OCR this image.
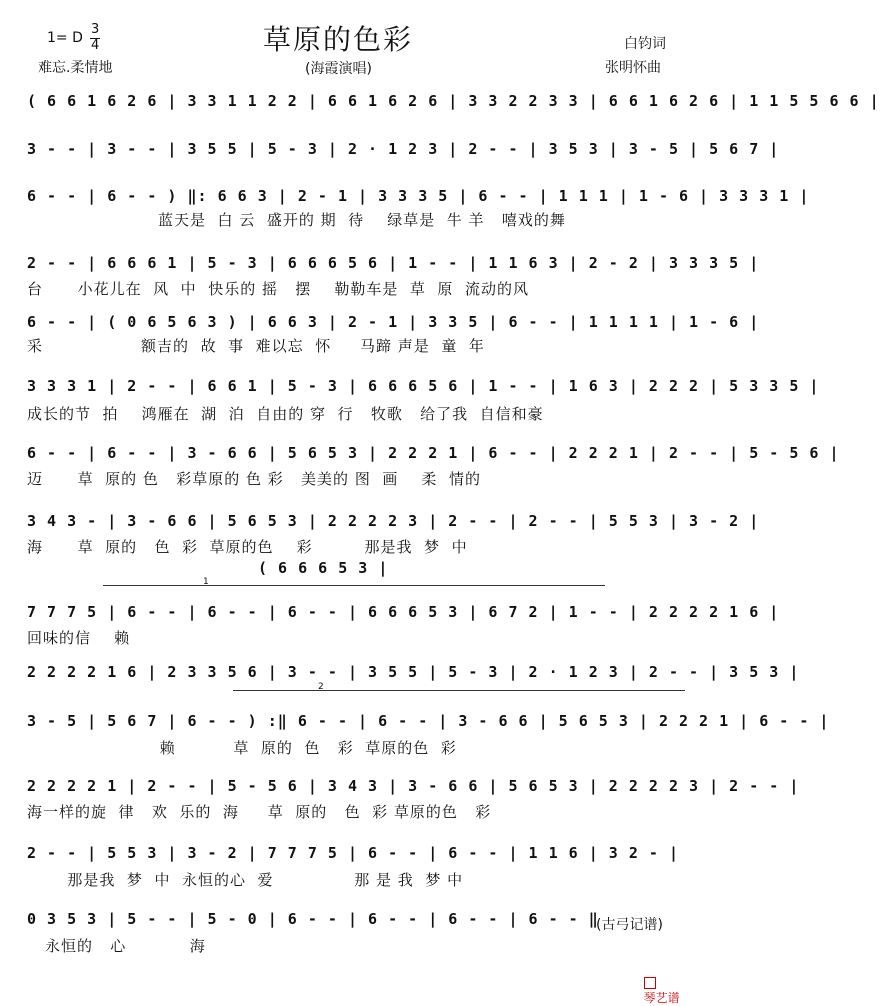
1= D
3
4	草原的色彩	白钧词
难忘.柔情地	(海霞演唱)	张明怀曲
( 6 6 1 6 2 6 | 3 3 1 1 2 2 | 6 6 1 6 2 6 | 3 3 2 2 3 3 | 6 6 1 6 2 6 | 1 1 5 5 6 6 |
3 - - | 3 - - | 3 5 5 | 5 - 3 | 2 · 1 2 3 | 2 - - | 3 5 3 | 3 - 5 | 5 6 7 |
6 - - | 6 - - ) ‖: 6 6 3 | 2 - 1 | 3 3 3 5 | 6 - - | 1 1 1 | 1 - 6 | 3 3 3 1 |
蓝天是  白 云  盛开的 期  待    绿草是  牛 羊   嘻戏的舞
2 - - | 6 6 6 1 | 5 - 3 | 6 6 6 5 6 | 1 - - | 1 1 6 3 | 2 - 2 | 3 3 3 5 |
台      小花儿在  风  中  快乐的 摇   摆    勒勒车是  草  原  流动的风
6 - - | ( 0 6 5 6 3 ) | 6 6 3 | 2 - 1 | 3 3 5 | 6 - - | 1 1 1 1 | 1 - 6 |
采                 额吉的  故  事  难以忘  怀     马蹄 声是  童  年
3 3 3 1 | 2 - - | 6 6 1 | 5 - 3 | 6 6 6 5 6 | 1 - - | 1 6 3 | 2 2 2 | 5 3 3 5 |
成长的节  拍    鸿雁在  湖  泊  自由的 穿  行   牧歌   给了我  自信和豪
6 - - | 6 - - | 3 - 6 6 | 5 6 5 3 | 2 2 2 1 | 6 - - | 2 2 2 1 | 2 - - | 5 - 5 6 |
迈      草  原的 色   彩草原的 色 彩   美美的 图  画    柔  情的
3 4 3 - | 3 - 6 6 | 5 6 5 3 | 2 2 2 2 3 | 2 - - | 2 - - | 5 5 3 | 3 - 2 |
海      草  原的   色  彩  草原的色    彩         那是我  梦  中
( 6 6 6 5 3 |
1
7 7 7 5 | 6 - - | 6 - - | 6 - - | 6 6 6 5 3 | 6 7 2 | 1 - - | 2 2 2 2 1 6 |
回味的信    赖
2 2 2 2 1 6 | 2 3 3 5 6 | 3 - - | 3 5 5 | 5 - 3 | 2 · 1 2 3 | 2 - - | 3 5 3 |
2
3 - 5 | 5 6 7 | 6 - - ) :‖ 6 - - | 6 - - | 3 - 6 6 | 5 6 5 3 | 2 2 2 1 | 6 - - |
赖          草  原的  色   彩  草原的色  彩
2 2 2 2 1 | 2 - - | 5 - 5 6 | 3 4 3 | 3 - 6 6 | 5 6 5 3 | 2 2 2 2 3 | 2 - - |
海一样的旋  律   欢  乐的  海     草  原的   色  彩 草原的色   彩
2 - - | 5 5 3 | 3 - 2 | 7 7 7 5 | 6 - - | 6 - - | 1 1 6 | 3 2 - |
那是我  梦  中  永恒的心  爱              那 是 我  梦 中
0 3 5 3 | 5 - - | 5 - 0 | 6 - - | 6 - - | 6 - - | 6 - - ‖
永恒的   心           海
(古弓记谱)

琴艺谱
